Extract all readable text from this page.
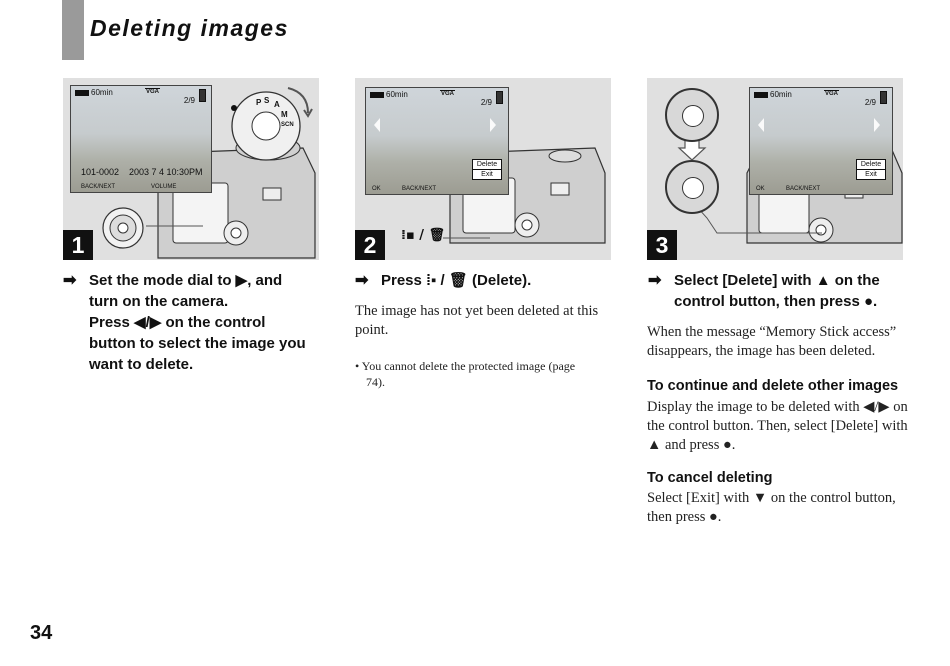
Deleting images
P S A
M
SCN
60min	VGA
2/9
101-0002 2003 7 4 10:30PM
BACK/NEXT	VOLUME
1
60min	VGA
2/9
Delete
Exit
OK	BACK/NEXT
⁞▪ / 🗑
2
60min	VGA
2/9
Delete
Exit
OK	BACK/NEXT
3
➡ Set the mode dial to ▶, and
turn on the camera.
Press ◀/▶ on the control
button to select the image you
want to delete.
➡ Press ⁞▪ / 🗑 (Delete).

The image has not yet been deleted at this point.

• You cannot delete the protected image (page 74).

➡ Select [Delete] with ▲ on the
control button, then press ●.

When the message “Memory Stick access” disappears, the image has been deleted.

To continue and delete other images

Display the image to be deleted with ◀/▶ on the control button. Then, select [Delete] with ▲ and press ●.

To cancel deleting

Select [Exit] with ▼ on the control button, then press ●.

34
